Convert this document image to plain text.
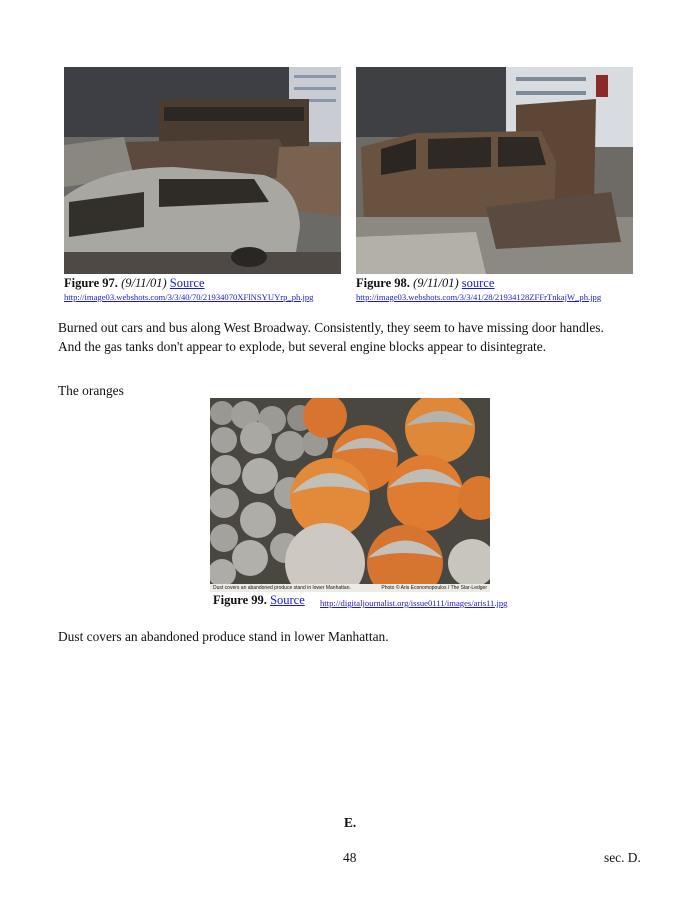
Figure 97. (9/11/01) Source
http://image03.webshots.com/3/3/40/70/21934070XFlNSYUYrp_ph.jpg
Figure 98. (9/11/01) source
http://image03.webshots.com/3/3/41/28/21934128ZFFrTnkajW_ph.jpg
Burned out cars and bus along West Broadway. Consistently, they seem to have missing door handles.
And the gas tanks don't appear to explode, but several engine blocks appear to disintegrate.
The oranges
Dust covers an abandoned produce stand in lower Manhattan.	Photo © Aris Economopoulos / The Star-Ledger
Figure 99. Source http://digitaljournalist.org/issue0111/images/aris11.jpg
Dust covers an abandoned produce stand in lower Manhattan.
E.
48	sec. D.
